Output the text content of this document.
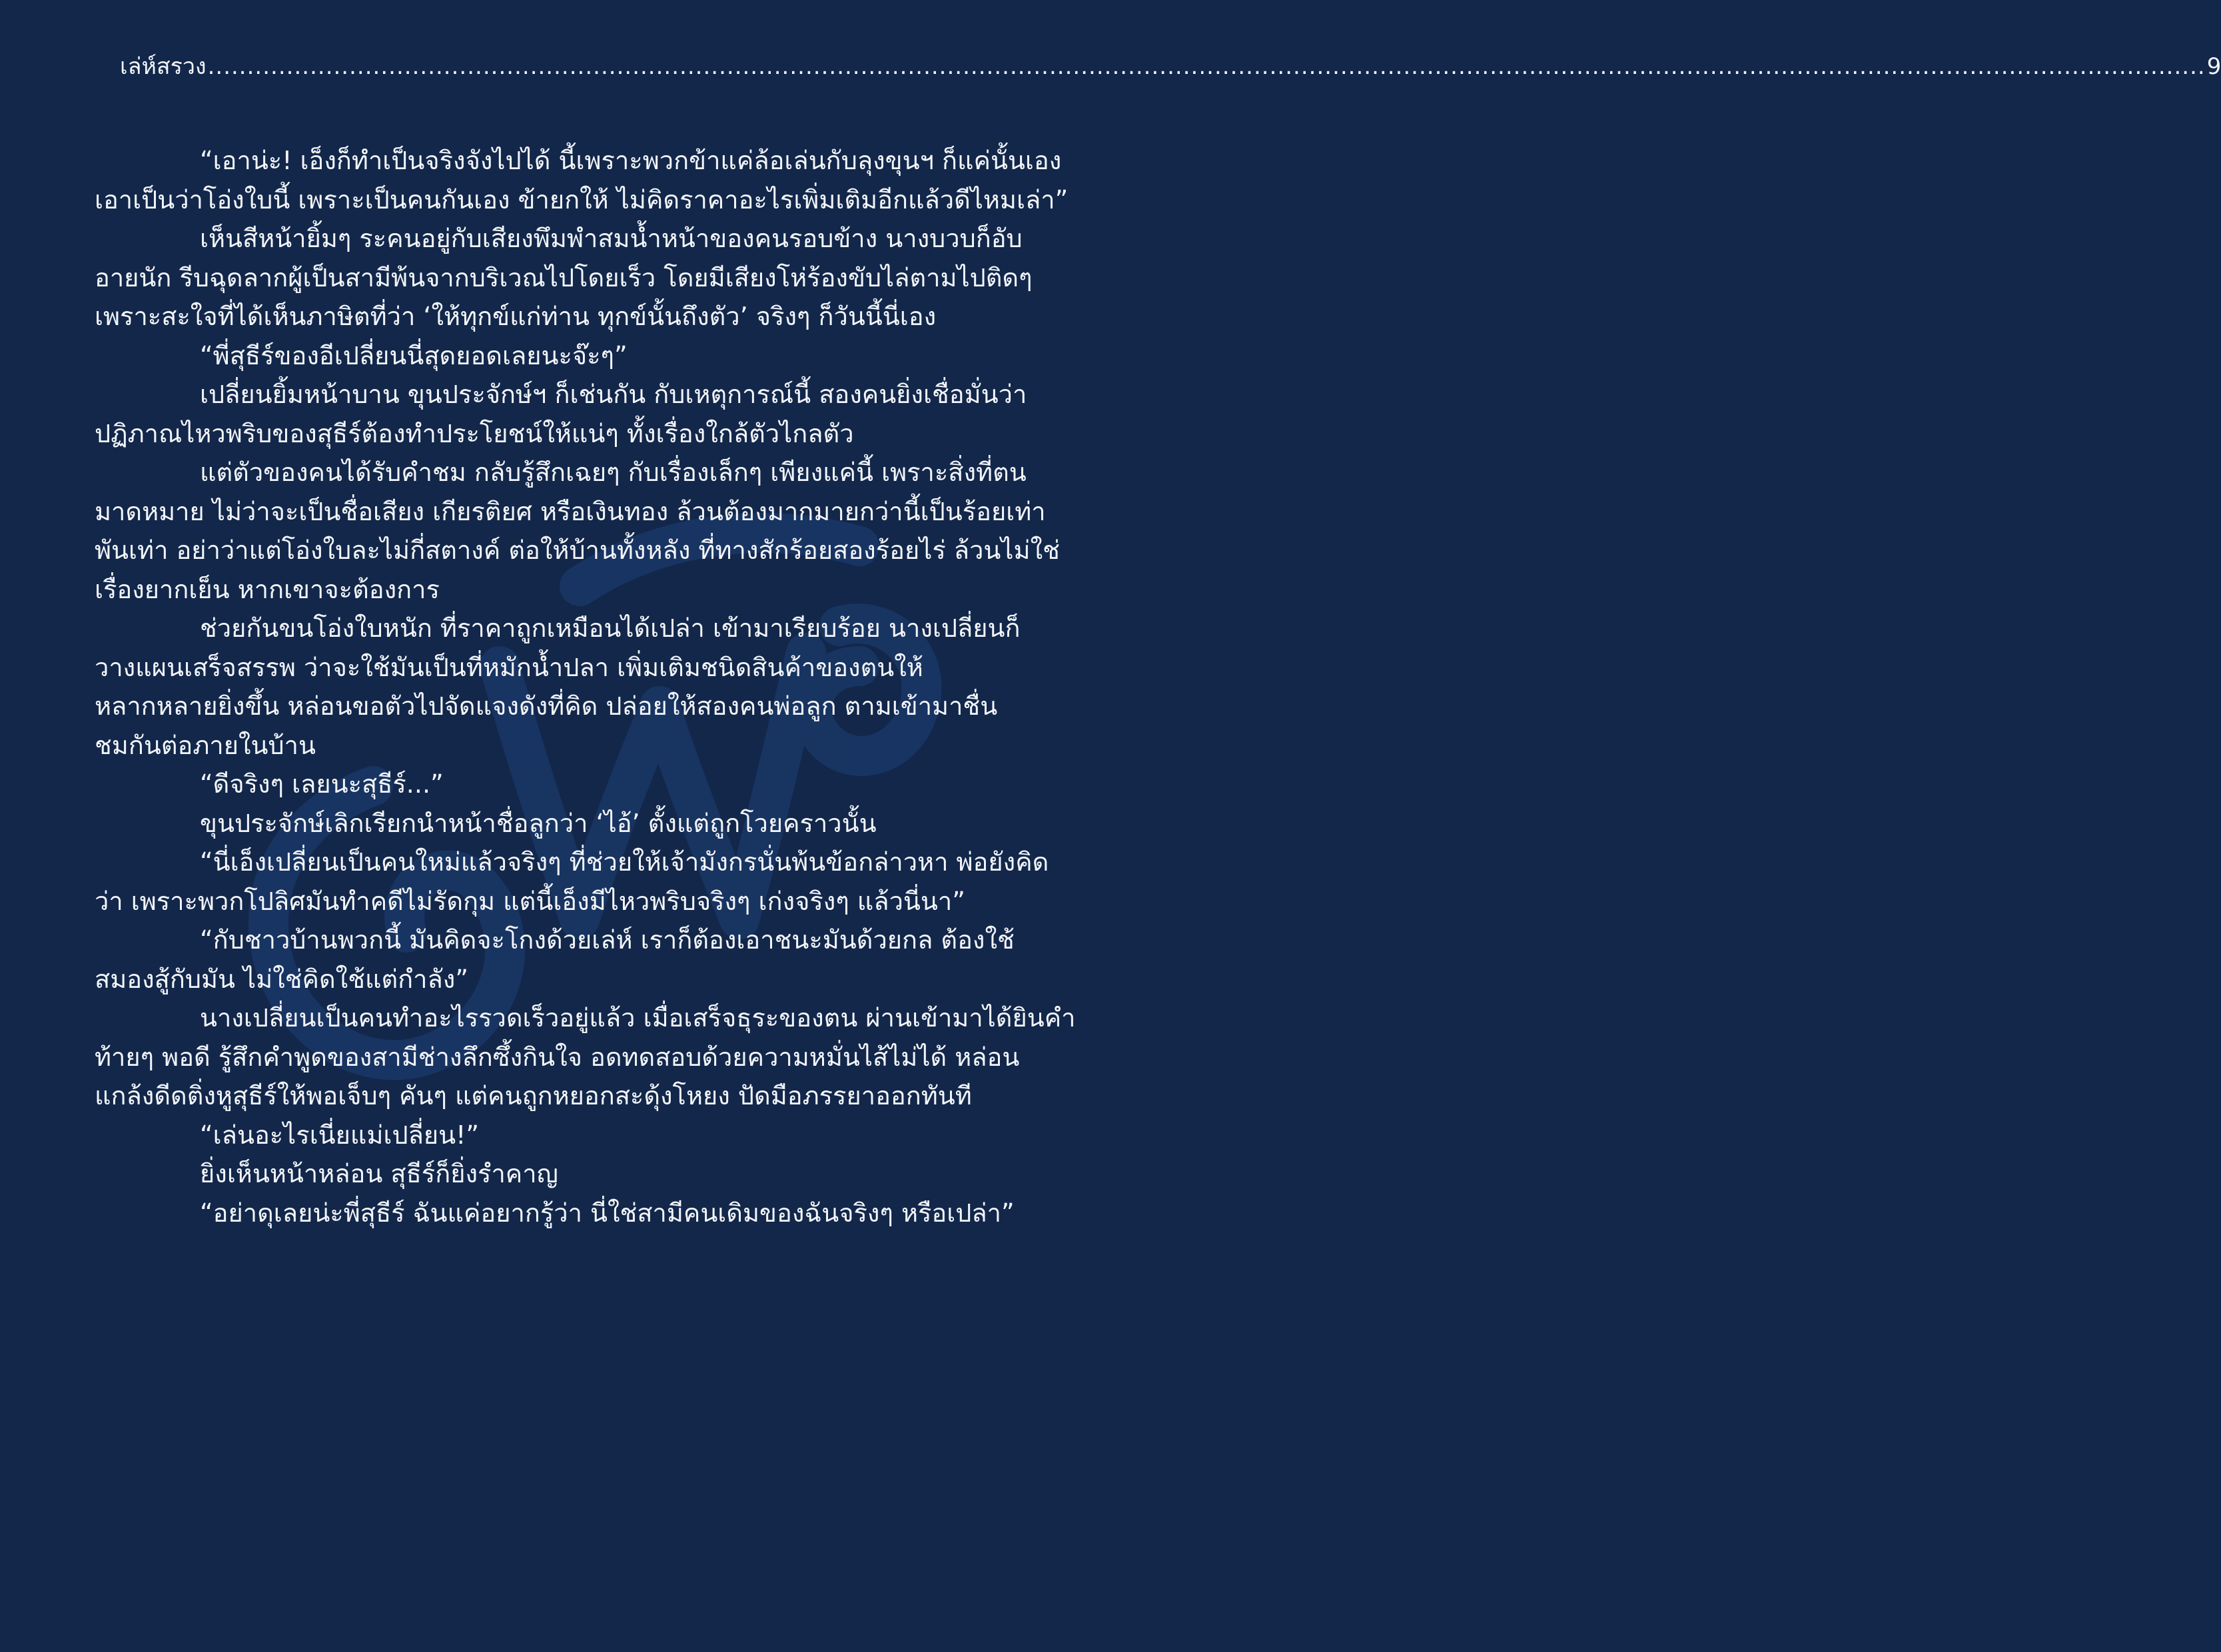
เล่ห์สรวง .............................................................................................................................................................................................................................................................. 9
“เอาน่ะ! เอ็งก็ทำเป็นจริงจังไปได้ นี้เพราะพวกข้าแค่ล้อเล่นกับลุงขุนฯ ก็แค่นั้นเอง
เอาเป็นว่าโอ่งใบนี้ เพราะเป็นคนกันเอง ข้ายกให้ ไม่คิดราคาอะไรเพิ่มเติมอีกแล้วดีไหมเล่า”
เห็นสีหน้ายิ้มๆ ระคนอยู่กับเสียงพึมพำสมน้ำหน้าของคนรอบข้าง นางบวบก็อับ
อายนัก รีบฉุดลากผู้เป็นสามีพ้นจากบริเวณไปโดยเร็ว โดยมีเสียงโห่ร้องขับไล่ตามไปติดๆ
เพราะสะใจที่ได้เห็นภาษิตที่ว่า ‘ให้ทุกข์แก่ท่าน ทุกข์นั้นถึงตัว’ จริงๆ ก็วันนี้นี่เอง
“พี่สุธีร์ของอีเปลี่ยนนี่สุดยอดเลยนะจ๊ะๆ”
เปลี่ยนยิ้มหน้าบาน ขุนประจักษ์ฯ ก็เช่นกัน กับเหตุการณ์นี้ สองคนยิ่งเชื่อมั่นว่า
ปฏิภาณไหวพริบของสุธีร์ต้องทำประโยชน์ให้แน่ๆ ทั้งเรื่องใกล้ตัวไกลตัว
แต่ตัวของคนได้รับคำชม กลับรู้สึกเฉยๆ กับเรื่องเล็กๆ เพียงแค่นี้ เพราะสิ่งที่ตน
มาดหมาย ไม่ว่าจะเป็นชื่อเสียง เกียรติยศ หรือเงินทอง ล้วนต้องมากมายกว่านี้เป็นร้อยเท่า
พันเท่า อย่าว่าแต่โอ่งใบละไม่กี่สตางค์ ต่อให้บ้านทั้งหลัง ที่ทางสักร้อยสองร้อยไร่ ล้วนไม่ใช่
เรื่องยากเย็น หากเขาจะต้องการ
ช่วยกันขนโอ่งใบหนัก ที่ราคาถูกเหมือนได้เปล่า เข้ามาเรียบร้อย นางเปลี่ยนก็
วางแผนเสร็จสรรพ ว่าจะใช้มันเป็นที่หมักน้ำปลา เพิ่มเติมชนิดสินค้าของตนให้
หลากหลายยิ่งขึ้น หล่อนขอตัวไปจัดแจงดังที่คิด ปล่อยให้สองคนพ่อลูก ตามเข้ามาชื่น
ชมกันต่อภายในบ้าน
“ดีจริงๆ เลยนะสุธีร์...”
ขุนประจักษ์เลิกเรียกนำหน้าชื่อลูกว่า ‘ไอ้’ ตั้งแต่ถูกโวยคราวนั้น
“นี่เอ็งเปลี่ยนเป็นคนใหม่แล้วจริงๆ ที่ช่วยให้เจ้ามังกรนั่นพ้นข้อกล่าวหา พ่อยังคิด
ว่า เพราะพวกโปลิศมันทำคดีไม่รัดกุม แต่นี้เอ็งมีไหวพริบจริงๆ เก่งจริงๆ แล้วนี่นา”
“กับชาวบ้านพวกนี้ มันคิดจะโกงด้วยเล่ห์ เราก็ต้องเอาชนะมันด้วยกล ต้องใช้
สมองสู้กับมัน ไม่ใช่คิดใช้แต่กำลัง”
นางเปลี่ยนเป็นคนทำอะไรรวดเร็วอยู่แล้ว เมื่อเสร็จธุระของตน ผ่านเข้ามาได้ยินคำ
ท้ายๆ พอดี รู้สึกคำพูดของสามีช่างลึกซึ้งกินใจ อดทดสอบด้วยความหมั่นไส้ไม่ได้ หล่อน
แกล้งดีดติ่งหูสุธีร์ให้พอเจ็บๆ คันๆ แต่คนถูกหยอกสะดุ้งโหยง ปัดมือภรรยาออกทันที
“เล่นอะไรเนี่ยแม่เปลี่ยน!”
ยิ่งเห็นหน้าหล่อน สุธีร์ก็ยิ่งรำคาญ
“อย่าดุเลยน่ะพี่สุธีร์ ฉันแค่อยากรู้ว่า นี่ใช่สามีคนเดิมของฉันจริงๆ หรือเปล่า”
